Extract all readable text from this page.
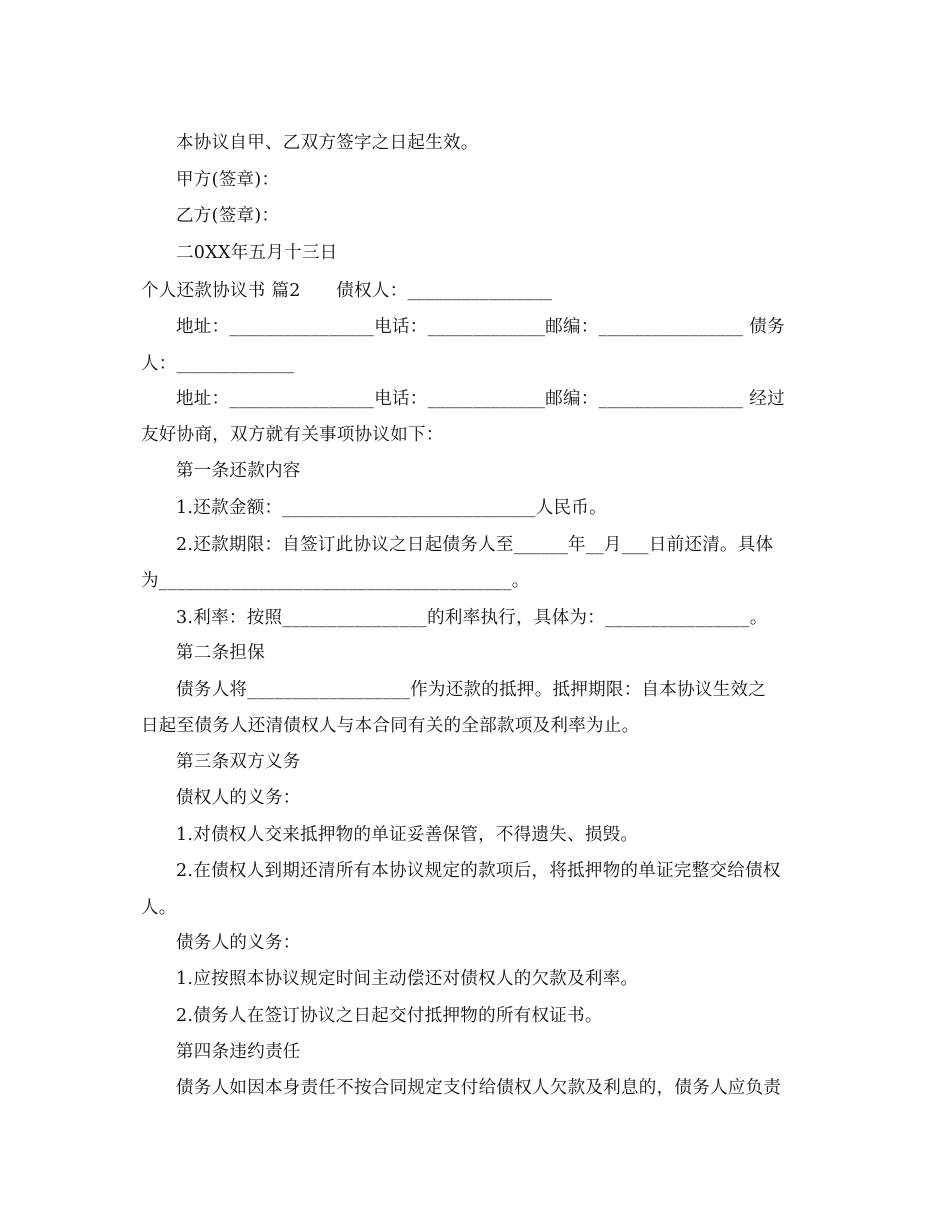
本协议自甲、乙双方签字之日起生效。
甲方(签章)：
乙方(签章)：
二0XX年五月十三日
个人还款协议书 篇2　　债权人：________________
地址：________________电话：_____________邮编：________________ 债务
人：_____________
地址：________________电话：_____________邮编：________________ 经过
友好协商，双方就有关事项协议如下：
第一条还款内容
1.还款金额：____________________________人民币。
2.还款期限：自签订此协议之日起债务人至______年__月___日前还清。具体
为_______________________________________。
3.利率：按照________________的利率执行，具体为：________________。
第二条担保
债务人将__________________作为还款的抵押。抵押期限：自本协议生效之
日起至债务人还清债权人与本合同有关的全部款项及利率为止。
第三条双方义务
债权人的义务：
1.对债权人交来抵押物的单证妥善保管，不得遗失、损毁。
2.在债权人到期还清所有本协议规定的款项后，将抵押物的单证完整交给债权
人。
债务人的义务：
1.应按照本协议规定时间主动偿还对债权人的欠款及利率。
2.债务人在签订协议之日起交付抵押物的所有权证书。
第四条违约责任
债务人如因本身责任不按合同规定支付给债权人欠款及利息的，债务人应负责
